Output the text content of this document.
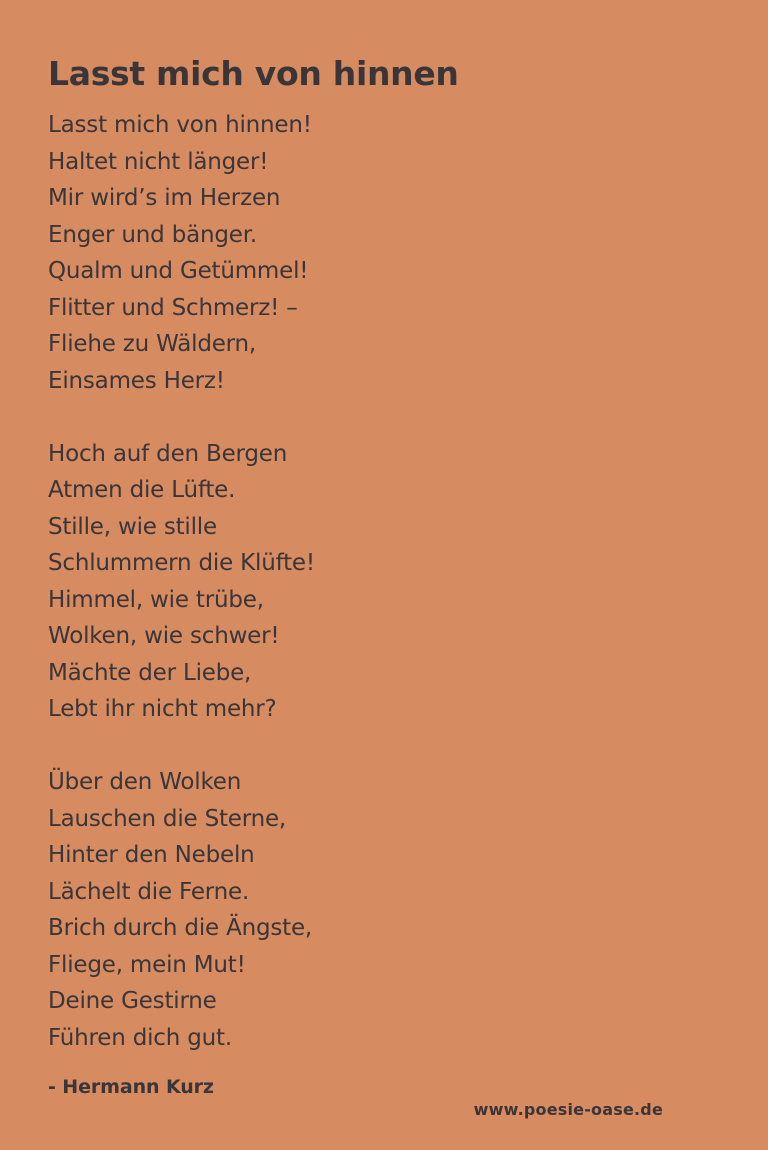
Lasst mich von hinnen
Lasst mich von hinnen!
Haltet nicht länger!
Mir wird’s im Herzen
Enger und bänger.
Qualm und Getümmel!
Flitter und Schmerz! –
Fliehe zu Wäldern,
Einsames Herz!
Hoch auf den Bergen
Atmen die Lüfte.
Stille, wie stille
Schlummern die Klüfte!
Himmel, wie trübe,
Wolken, wie schwer!
Mächte der Liebe,
Lebt ihr nicht mehr?
Über den Wolken
Lauschen die Sterne,
Hinter den Nebeln
Lächelt die Ferne.
Brich durch die Ängste,
Fliege, mein Mut!
Deine Gestirne
Führen dich gut.
- Hermann Kurz
www.poesie-oase.de
